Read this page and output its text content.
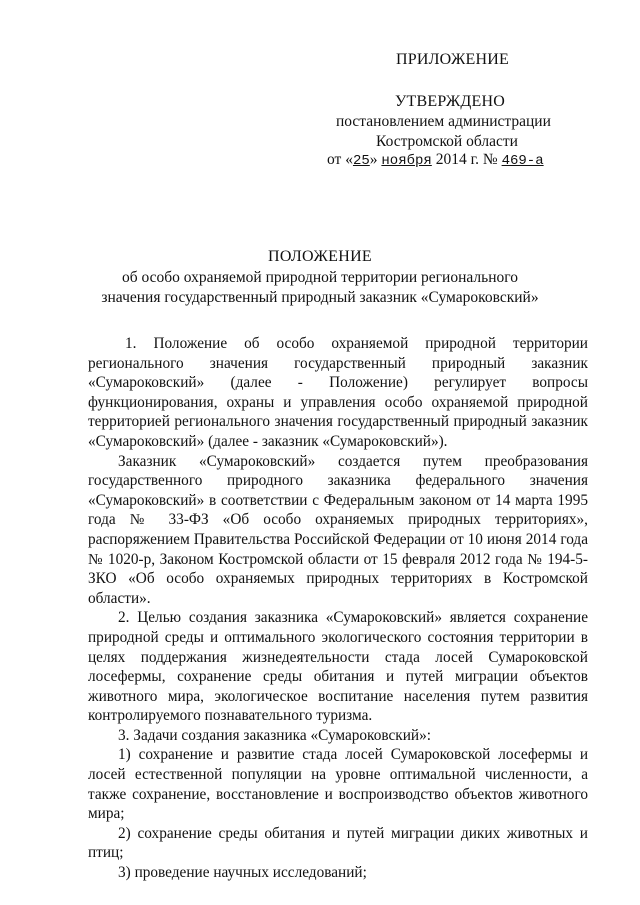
ПРИЛОЖЕНИЕ
УТВЕРЖДЕНО
постановлением администрации
Костромской области
от «25» ноября 2014 г. № 469-а
ПОЛОЖЕНИЕ
об особо охраняемой природной территории регионального
значения государственный природный заказник «Сумароковский»

1. Положение об особо охраняемой природной территории регионального значения государственный природный заказник «Сумароковский» (далее - Положение) регулирует вопросы функционирования, охраны и управления особо охраняемой природной территорией регионального значения государственный природный заказник «Сумароковский» (далее - заказник «Сумароковский»).

Заказник «Сумароковский» создается путем преобразования государственного природного заказника федерального значения «Сумароковский» в соответствии с Федеральным законом от 14 марта 1995 года № 33-ФЗ «Об особо охраняемых природных территориях», распоряжением Правительства Российской Федерации от 10 июня 2014 года № 1020-р, Законом Костромской области от 15 февраля 2012 года № 194-5-ЗКО «Об особо охраняемых природных территориях в Костромской области».

2. Целью создания заказника «Сумароковский» является сохранение природной среды и оптимального экологического состояния территории в целях поддержания жизнедеятельности стада лосей Сумароковской лосефермы, сохранение среды обитания и путей миграции объектов животного мира, экологическое воспитание населения путем развития контролируемого познавательного туризма.

3. Задачи создания заказника «Сумароковский»:

1) сохранение и развитие стада лосей Сумароковской лосефермы и лосей естественной популяции на уровне оптимальной численности, а также сохранение, восстановление и воспроизводство объектов животного мира;

2) сохранение среды обитания и путей миграции диких животных и птиц;

3) проведение научных исследований;
